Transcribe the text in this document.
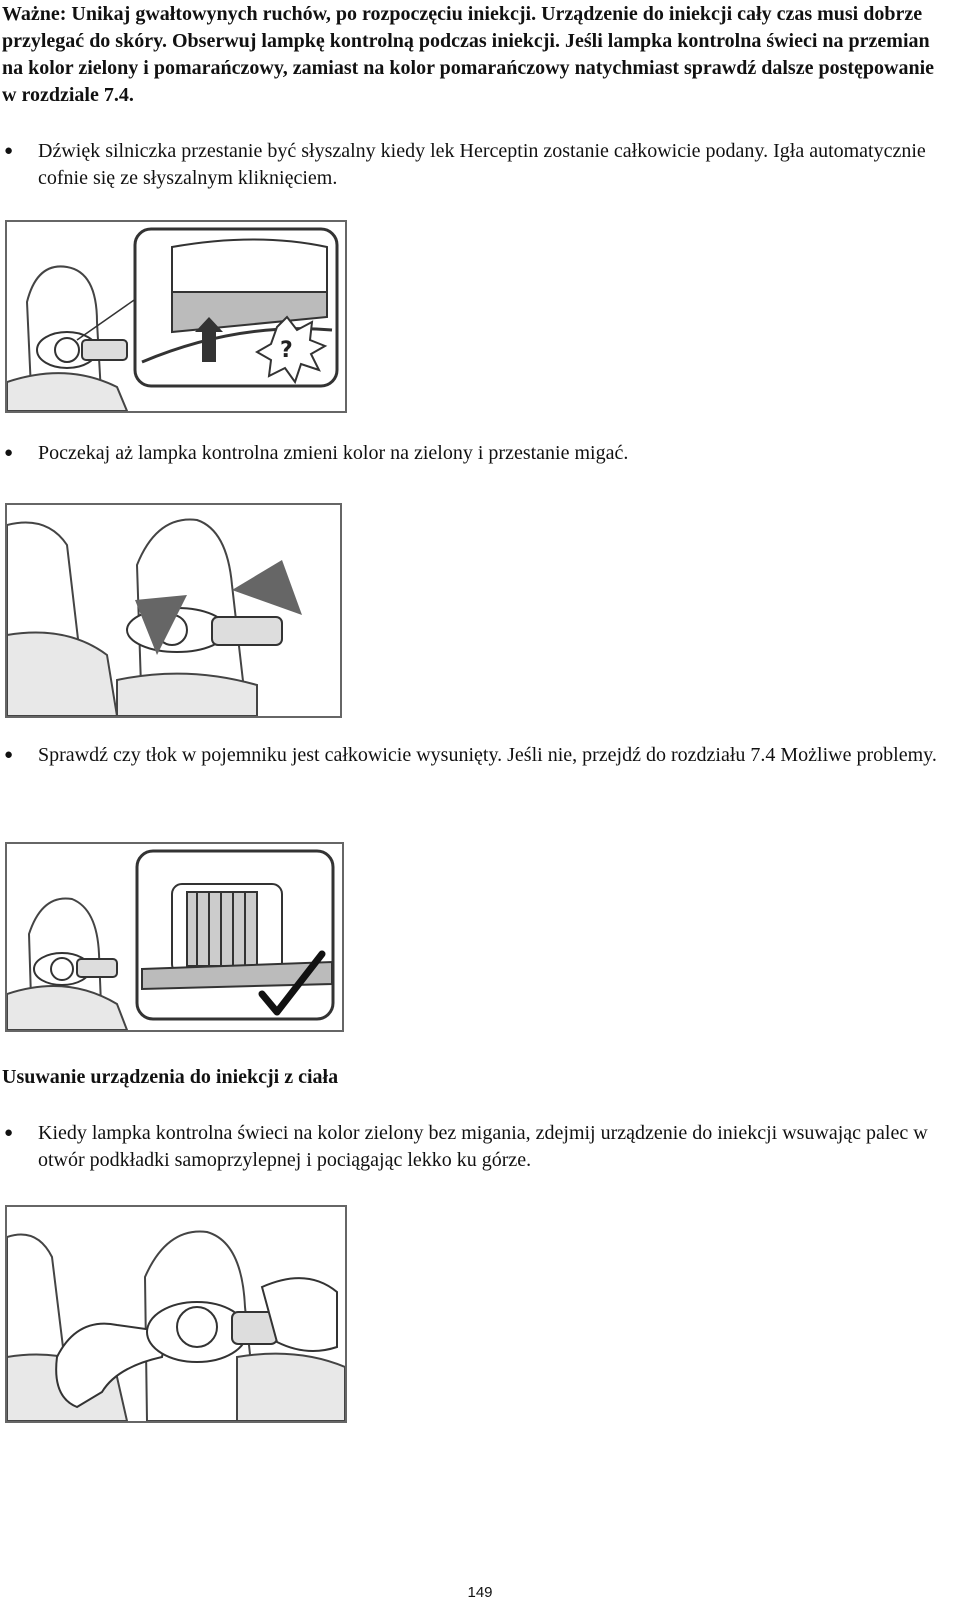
Ważne: Unikaj gwałtowynych ruchów, po rozpoczęciu iniekcji. Urządzenie do iniekcji cały czas musi dobrze przylegać do skóry. Obserwuj lampkę kontrolną podczas iniekcji. Jeśli lampka kontrolna świeci na przemian na kolor zielony i pomarańczowy, zamiast na kolor pomarańczowy natychmiast sprawdź dalsze postępowanie w rozdziale 7.4.

● Dźwięk silniczka przestanie być słyszalny kiedy lek Herceptin zostanie całkowicie podany. Igła automatycznie cofnie się ze słyszalnym kliknięciem.
?
● Poczekaj aż lampka kontrolna zmieni kolor na zielony i przestanie migać.
● Sprawdź czy tłok w pojemniku jest całkowicie wysunięty. Jeśli nie, przejdź do rozdziału 7.4 Możliwe problemy.
Usuwanie urządzenia do iniekcji z ciała
● Kiedy lampka kontrolna świeci na kolor zielony bez migania, zdejmij urządzenie do iniekcji wsuwając palec w otwór podkładki samoprzylepnej i pociągając lekko ku górze.
149
